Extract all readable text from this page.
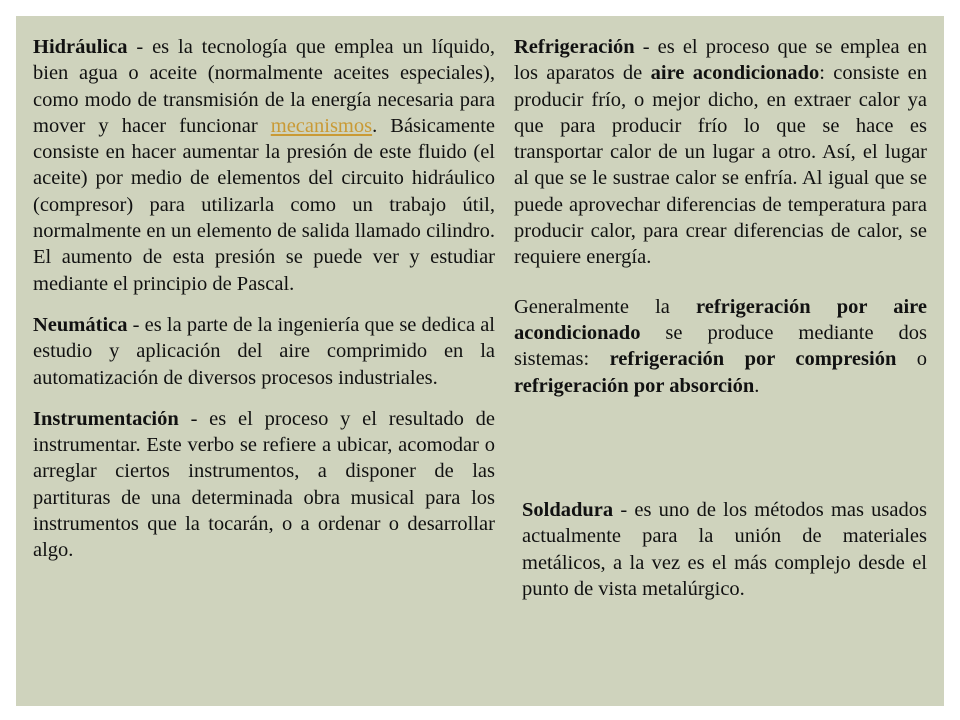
Hidráulica - es la tecnología que emplea un líquido, bien agua o aceite (normalmente aceites especiales), como modo de transmisión de la energía necesaria para mover y hacer funcionar mecanismos. Básicamente consiste en hacer aumentar la presión de este fluido (el aceite) por medio de elementos del circuito hidráulico (compresor) para utilizarla como un trabajo útil, normalmente en un elemento de salida llamado cilindro. El aumento de esta presión se puede ver y estudiar mediante el principio de Pascal.

Neumática - es la parte de la ingeniería que se dedica al estudio y aplicación del aire comprimido en la automatización de diversos procesos industriales.

Instrumentación - es el proceso y el resultado de instrumentar. Este verbo se refiere a ubicar, acomodar o arreglar ciertos instrumentos, a disponer de las partituras de una determinada obra musical para los instrumentos que la tocarán, o a ordenar o desarrollar algo.

Refrigeración - es el proceso que se emplea en los aparatos de aire acondicionado: consiste en producir frío, o mejor dicho, en extraer calor ya que para producir frío lo que se hace es transportar calor de un lugar a otro. Así, el lugar al que se le sustrae calor se enfría. Al igual que se puede aprovechar diferencias de temperatura para producir calor, para crear diferencias de calor, se requiere energía.

Generalmente la refrigeración por aire acondicionado se produce mediante dos sistemas: refrigeración por compresión o refrigeración por absorción.

Soldadura - es uno de los métodos mas usados actualmente para la unión de materiales metálicos, a la vez es el más complejo desde el punto de vista metalúrgico.
